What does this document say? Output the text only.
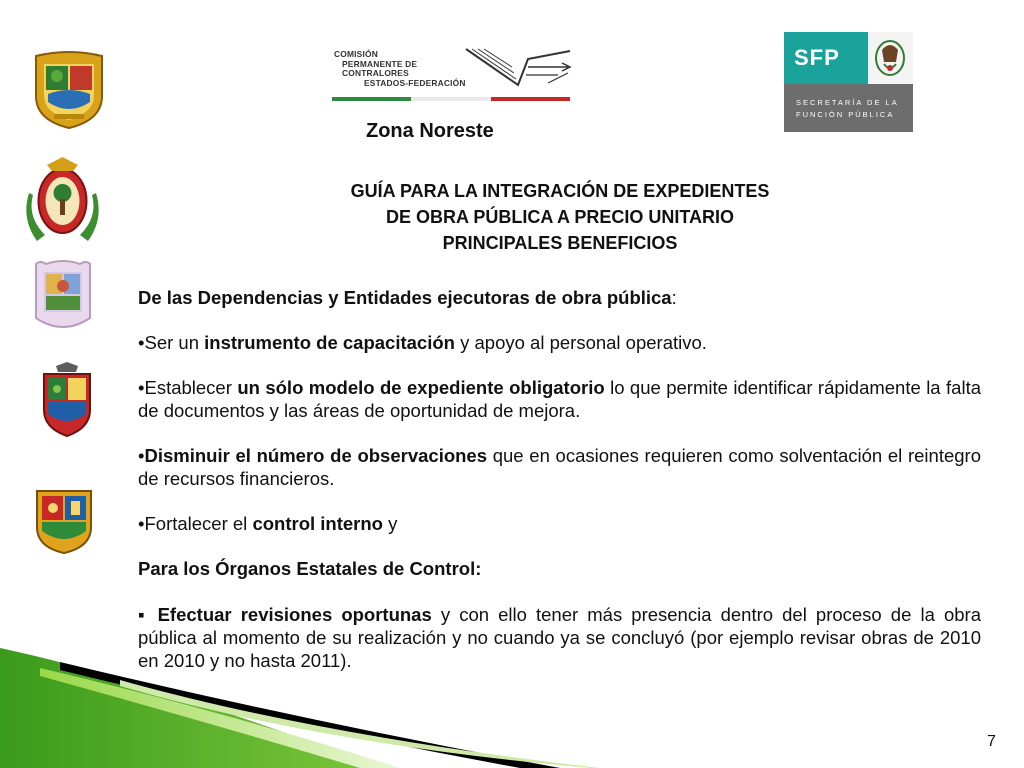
COMISIÓN
PERMANENTE DE
CONTRALORES
ESTADOS-FEDERACIÓN
SFP
SECRETARÍA DE LA
FUNCIÓN PÚBLICA
Zona Noreste
GUÍA PARA LA INTEGRACIÓN DE EXPEDIENTES
DE OBRA PÚBLICA A PRECIO UNITARIO
PRINCIPALES BENEFICIOS
De las Dependencias y Entidades ejecutoras de obra pública:
•Ser un instrumento de capacitación y apoyo al personal operativo.
•Establecer un sólo modelo de expediente obligatorio lo que permite identificar rápidamente la falta de documentos y las áreas de oportunidad de mejora.
•Disminuir el número de observaciones que en ocasiones requieren como solventación el reintegro de recursos financieros.
•Fortalecer el control interno y
Para los Órganos Estatales de Control:
▪ Efectuar revisiones oportunas y con ello tener más presencia dentro del proceso de la obra pública al momento de su realización y no cuando ya se concluyó (por ejemplo revisar obras de 2010 en 2010 y no hasta 2011).
7
